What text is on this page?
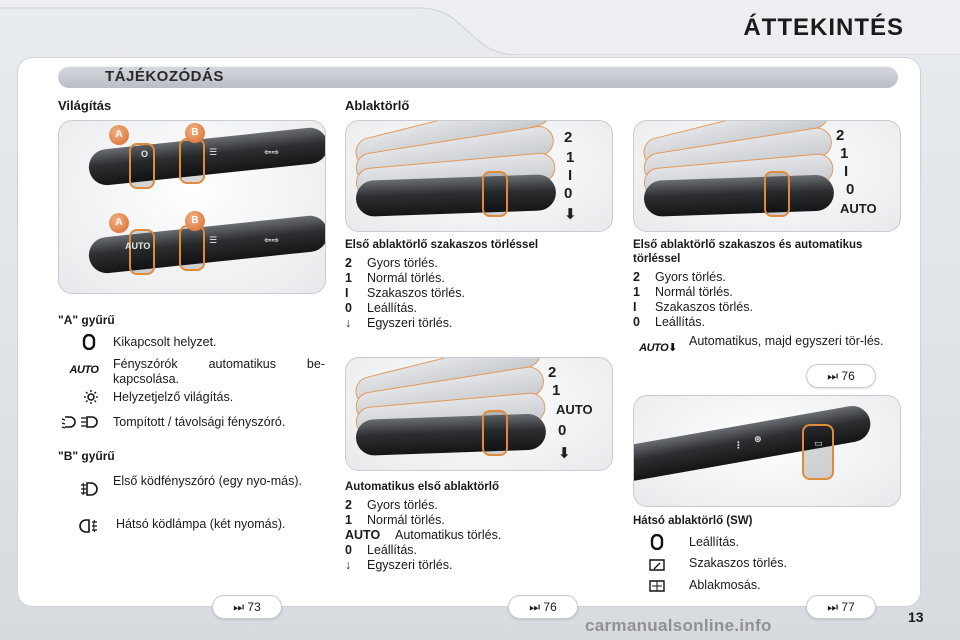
ÁTTEKINTÉS
TÁJÉKOZÓDÁS
Világítás
A	B
O	☰	⇦⇨
A	B
AUTO
☰	⇦⇨
"A" gyűrű
Kikapcsolt helyzet.
AUTO	Fényszórók automatikus be-kapcsolása.
Helyzetjelző világítás.
Tompított / távolsági fényszóró.
"B" gyűrű
Első ködfényszóró (egy nyo-más).
Hátsó ködlámpa (két nyomás).
⏭ 73
Ablaktörlő
2
1
I
0
⬇
Első ablaktörlő szakaszos törléssel
2	Gyors törlés.
1	Normál törlés.
I	Szakaszos törlés.
0	Leállítás.
↓	Egyszeri törlés.
2
1
AUTO
0
⬇
Automatikus első ablaktörlő
2	Gyors törlés.
1	Normál törlés.
AUTO	Automatikus törlés.
0	Leállítás.
↓	Egyszeri törlés.
⏭ 76
2
1
I
0
AUTO
Első ablaktörlő szakaszos és automatikus törléssel
2	Gyors törlés.
1	Normál törlés.
I	Szakaszos törlés.
0	Leállítás.
AUTO⬇ Automatikus, majd egyszeri tör-lés.
⏭ 76
⋮
⊕	▭
Hátsó ablaktörlő (SW)
Leállítás.
Szakaszos törlés.
Ablakmosás.
⏭ 77
13
carmanualsonline.info
